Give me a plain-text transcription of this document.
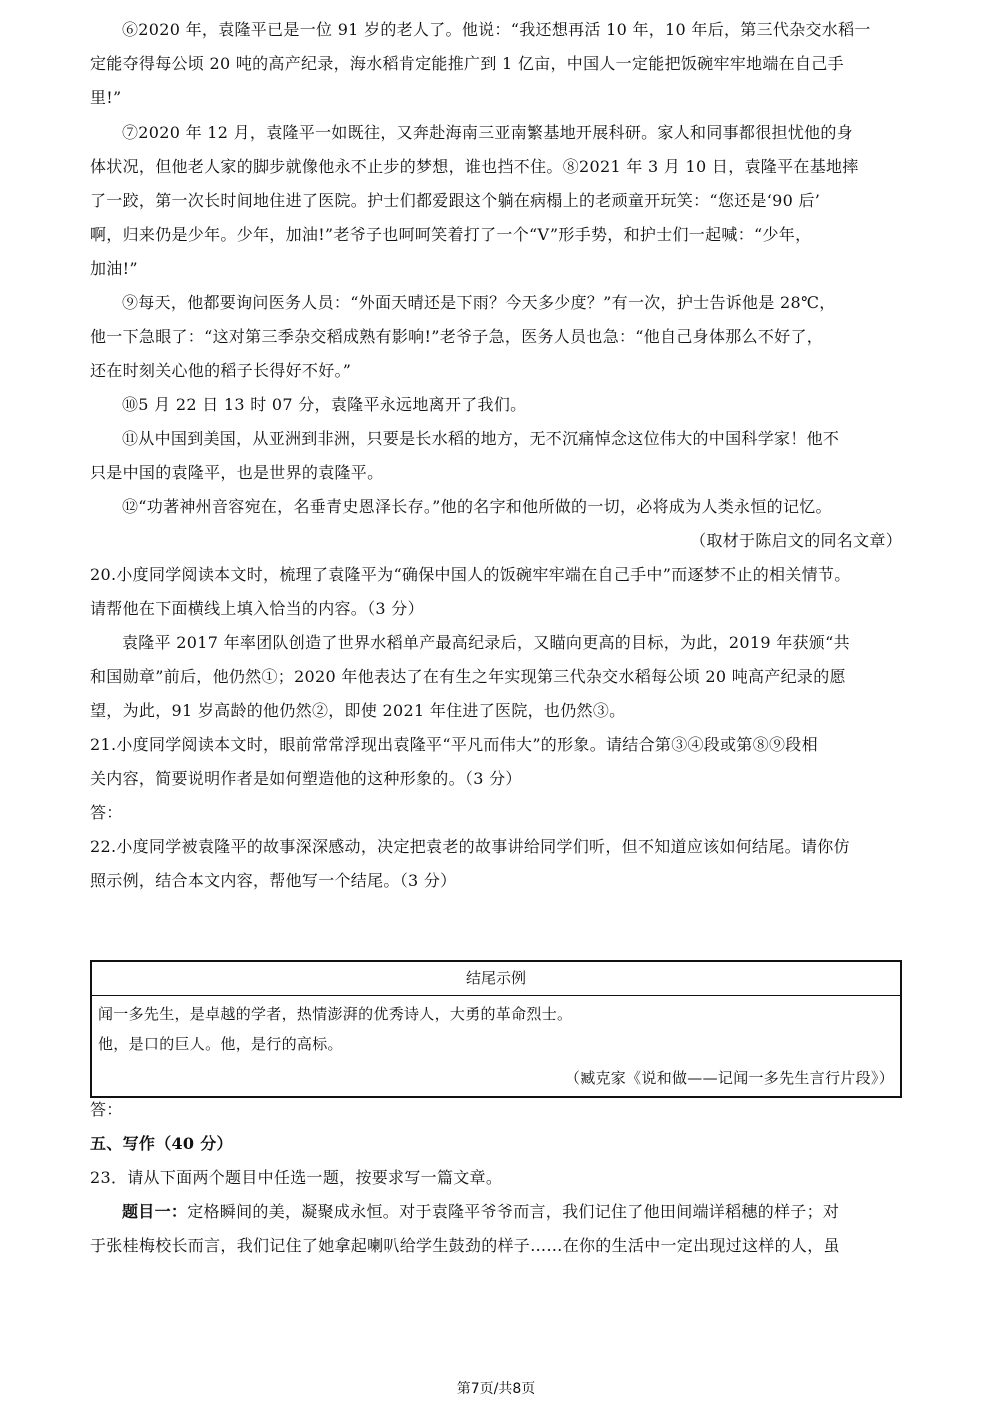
⑥2020 年，袁隆平已是一位 91 岁的老人了。他说：“我还想再活 10 年，10 年后，第三代杂交水稻一
定能夺得每公顷 20 吨的高产纪录，海水稻肯定能推广到 1 亿亩，中国人一定能把饭碗牢牢地端在自己手
里!”
⑦2020 年 12 月，袁隆平一如既往，又奔赴海南三亚南繁基地开展科研。家人和同事都很担忧他的身
体状况，但他老人家的脚步就像他永不止步的梦想，谁也挡不住。⑧2021 年 3 月 10 日，袁隆平在基地摔
了一跤，第一次长时间地住进了医院。护士们都爱跟这个躺在病榻上的老顽童开玩笑：“您还是‘90 后’
啊，归来仍是少年。少年，加油!”老爷子也呵呵笑着打了一个“V”形手势，和护士们一起喊：“少年，
加油!”
⑨每天，他都要询问医务人员：“外面天晴还是下雨？今天多少度？”有一次，护士告诉他是 28℃，
他一下急眼了：“这对第三季杂交稻成熟有影响!”老爷子急，医务人员也急：“他自己身体那么不好了，
还在时刻关心他的稻子长得好不好。”
⑩5 月 22 日 13 时 07 分，袁隆平永远地离开了我们。
⑪从中国到美国，从亚洲到非洲，只要是长水稻的地方，无不沉痛悼念这位伟大的中国科学家！他不
只是中国的袁隆平，也是世界的袁隆平。
⑫“功著神州音容宛在，名垂青史恩泽长存。”他的名字和他所做的一切，必将成为人类永恒的记忆。
（取材于陈启文的同名文章）
20.小度同学阅读本文时，梳理了袁隆平为“确保中国人的饭碗牢牢端在自己手中”而逐梦不止的相关情节。
请帮他在下面横线上填入恰当的内容。（3 分）
袁隆平 2017 年率团队创造了世界水稻单产最高纪录后，又瞄向更高的目标，为此，2019 年获颁“共
和国勋章”前后，他仍然①；2020 年他表达了在有生之年实现第三代杂交水稻每公顷 20 吨高产纪录的愿
望，为此，91 岁高龄的他仍然②，即使 2021 年住进了医院，也仍然③。
21.小度同学阅读本文时，眼前常常浮现出袁隆平“平凡而伟大”的形象。请结合第③④段或第⑧⑨段相
关内容，简要说明作者是如何塑造他的这种形象的。（3 分）
答：
22.小度同学被袁隆平的故事深深感动，决定把袁老的故事讲给同学们听，但不知道应该如何结尾。请你仿
照示例，结合本文内容，帮他写一个结尾。（3 分）
结尾示例
闻一多先生，是卓越的学者，热情澎湃的优秀诗人，大勇的革命烈士。
他，是口的巨人。他，是行的高标。
（臧克家《说和做——记闻一多先生言行片段》）
答：
五、写作（40 分）
23．请从下面两个题目中任选一题，按要求写一篇文章。
题目一：定格瞬间的美，凝聚成永恒。对于袁隆平爷爷而言，我们记住了他田间端详稻穗的样子；对
于张桂梅校长而言，我们记住了她拿起喇叭给学生鼓劲的样子……在你的生活中一定出现过这样的人，虽
第7页/共8页
